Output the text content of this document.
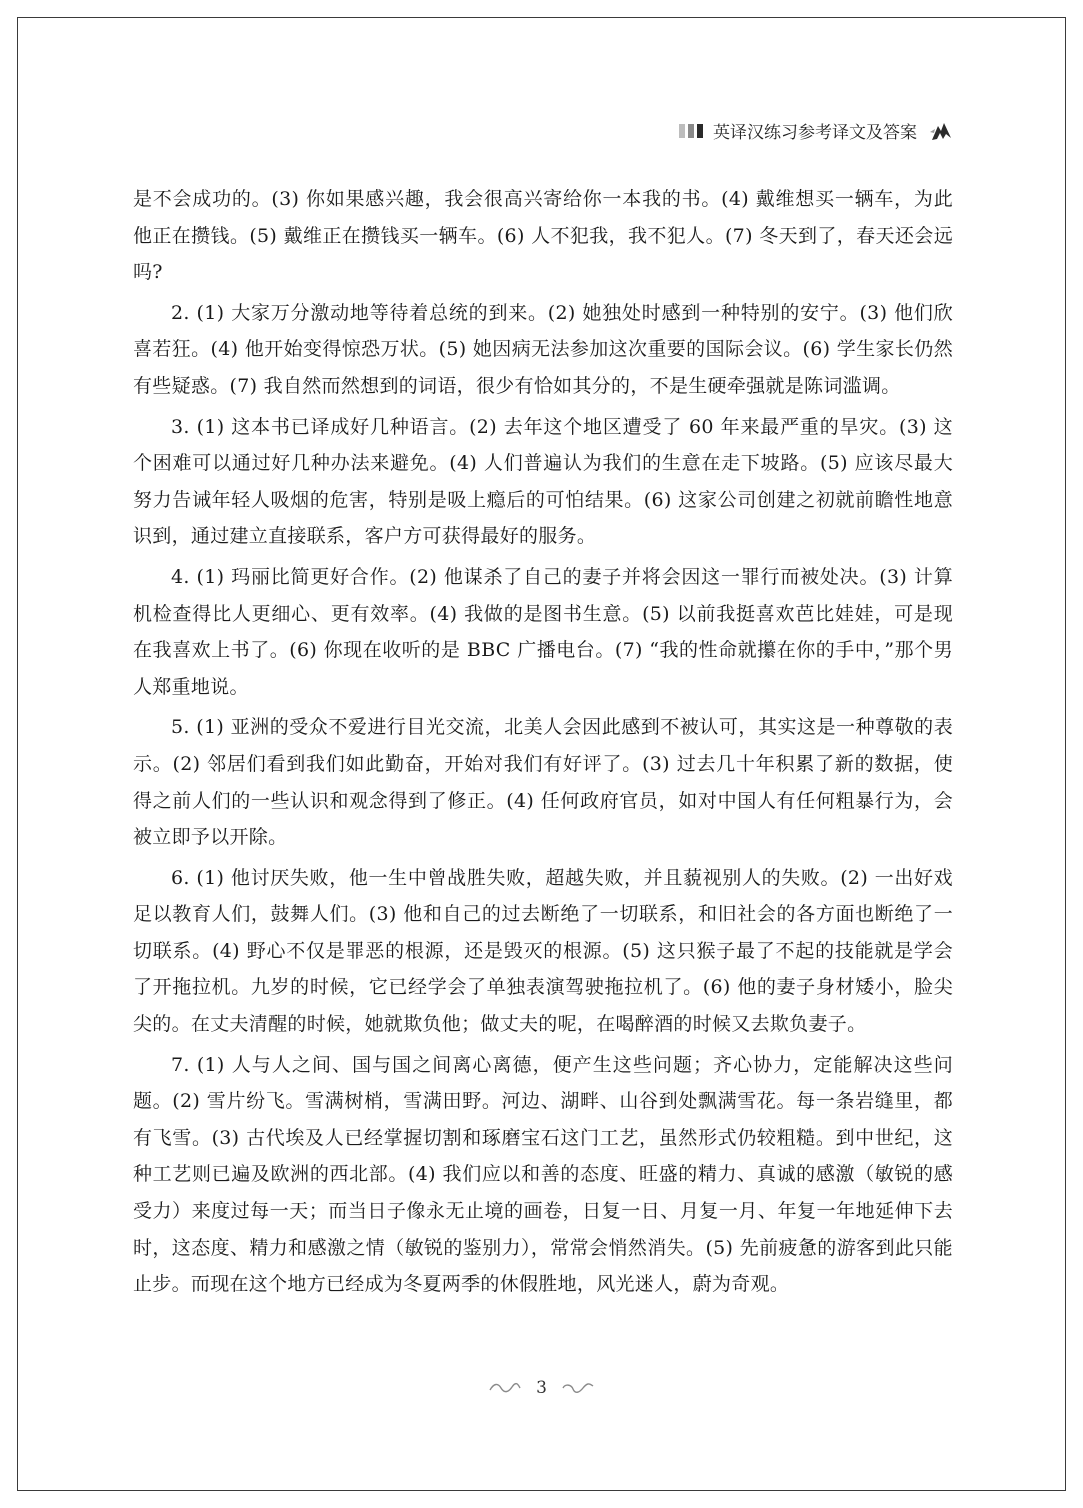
英译汉练习参考译文及答案

是不会成功的。(3) 你如果感兴趣，我会很高兴寄给你一本我的书。(4) 戴维想买一辆车，为此他正在攒钱。(5) 戴维正在攒钱买一辆车。(6) 人不犯我，我不犯人。(7) 冬天到了，春天还会远吗?

2. (1) 大家万分激动地等待着总统的到来。(2) 她独处时感到一种特别的安宁。(3) 他们欣喜若狂。(4) 他开始变得惊恐万状。(5) 她因病无法参加这次重要的国际会议。(6) 学生家长仍然有些疑惑。(7) 我自然而然想到的词语，很少有恰如其分的，不是生硬牵强就是陈词滥调。

3. (1) 这本书已译成好几种语言。(2) 去年这个地区遭受了 60 年来最严重的旱灾。(3) 这个困难可以通过好几种办法来避免。(4) 人们普遍认为我们的生意在走下坡路。(5) 应该尽最大努力告诫年轻人吸烟的危害，特别是吸上瘾后的可怕结果。(6) 这家公司创建之初就前瞻性地意识到，通过建立直接联系，客户方可获得最好的服务。

4. (1) 玛丽比简更好合作。(2) 他谋杀了自己的妻子并将会因这一罪行而被处决。(3) 计算机检查得比人更细心、更有效率。(4) 我做的是图书生意。(5) 以前我挺喜欢芭比娃娃，可是现在我喜欢上书了。(6) 你现在收听的是 BBC 广播电台。(7) “我的性命就攥在你的手中，”那个男人郑重地说。

5. (1) 亚洲的受众不爱进行目光交流，北美人会因此感到不被认可，其实这是一种尊敬的表示。(2) 邻居们看到我们如此勤奋，开始对我们有好评了。(3) 过去几十年积累了新的数据，使得之前人们的一些认识和观念得到了修正。(4) 任何政府官员，如对中国人有任何粗暴行为，会被立即予以开除。

6. (1) 他讨厌失败，他一生中曾战胜失败，超越失败，并且藐视别人的失败。(2) 一出好戏足以教育人们，鼓舞人们。(3) 他和自己的过去断绝了一切联系，和旧社会的各方面也断绝了一切联系。(4) 野心不仅是罪恶的根源，还是毁灭的根源。(5) 这只猴子最了不起的技能就是学会了开拖拉机。九岁的时候，它已经学会了单独表演驾驶拖拉机了。(6) 他的妻子身材矮小，脸尖尖的。在丈夫清醒的时候，她就欺负他；做丈夫的呢，在喝醉酒的时候又去欺负妻子。

7. (1) 人与人之间、国与国之间离心离德，便产生这些问题；齐心协力，定能解决这些问题。(2) 雪片纷飞。雪满树梢，雪满田野。河边、湖畔、山谷到处飘满雪花。每一条岩缝里，都有飞雪。(3) 古代埃及人已经掌握切割和琢磨宝石这门工艺，虽然形式仍较粗糙。到中世纪，这种工艺则已遍及欧洲的西北部。(4) 我们应以和善的态度、旺盛的精力、真诚的感激（敏锐的感受力）来度过每一天；而当日子像永无止境的画卷，日复一日、月复一月、年复一年地延伸下去时，这态度、精力和感激之情（敏锐的鉴别力），常常会悄然消失。(5) 先前疲惫的游客到此只能止步。而现在这个地方已经成为冬夏两季的休假胜地，风光迷人，蔚为奇观。

3
